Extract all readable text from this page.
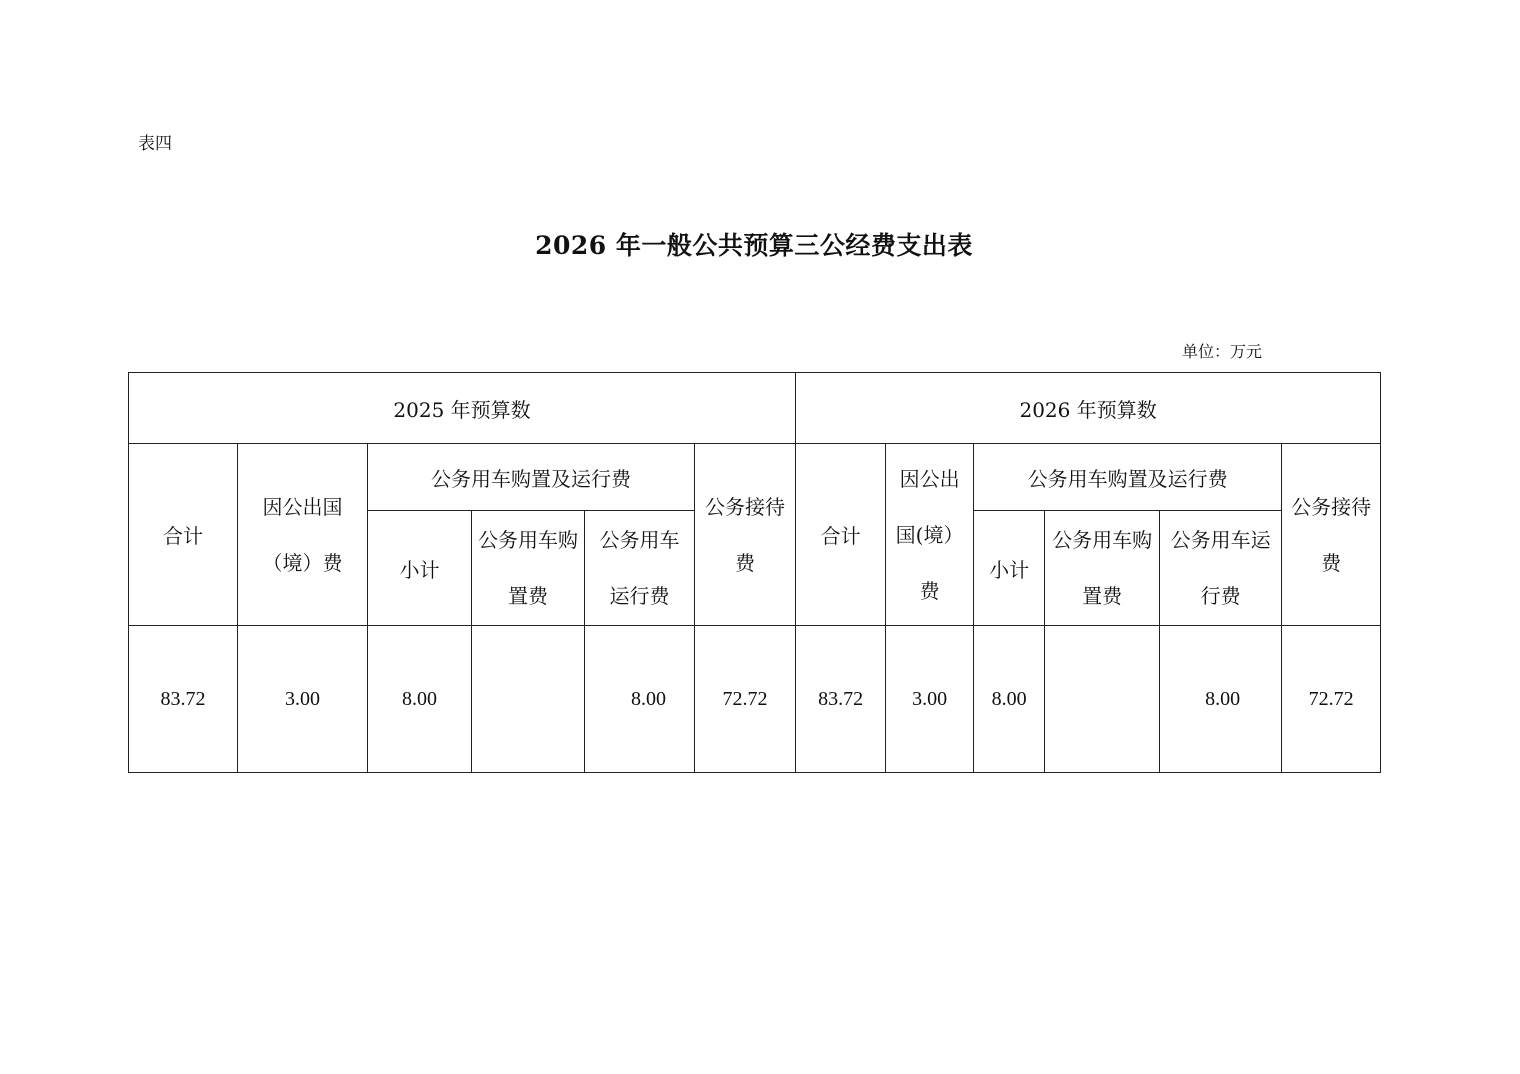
表四
2026 年一般公共预算三公经费支出表
单位：万元
2025 年预算数						2026 年预算数					
合计	因公出国（境）费	公务用车购置及运行费			公务接待费	合计	因公出国(境）费	公务用车购置及运行费			公务接待费
		小计	公务用车购置费	公务用车运行费				小计	公务用车购置费	公务用车运行费	
83.72	3.00	8.00		8.00	72.72	83.72	3.00	8.00		8.00	72.72
